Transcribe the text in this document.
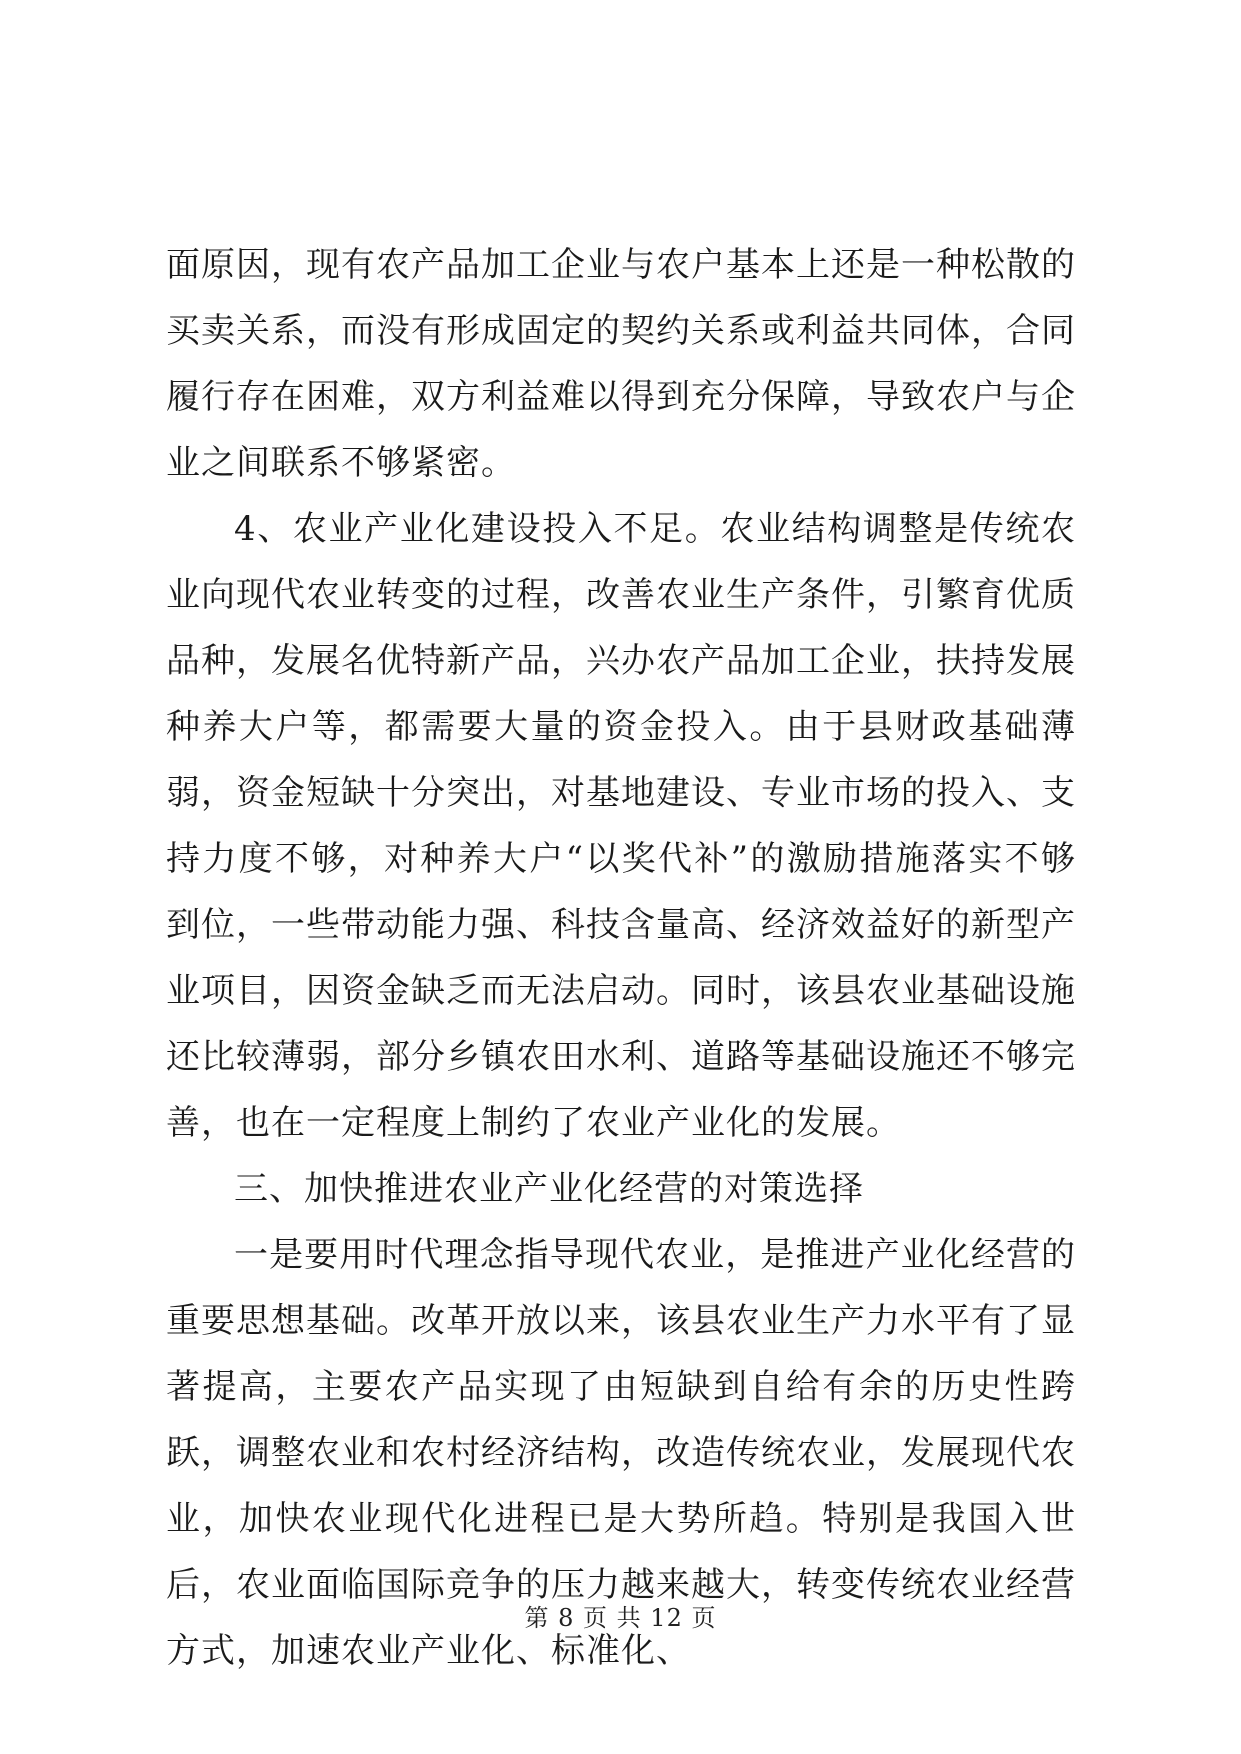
面原因，现有农产品加工企业与农户基本上还是一种松散的买卖关系，而没有形成固定的契约关系或利益共同体，合同履行存在困难，双方利益难以得到充分保障，导致农户与企业之间联系不够紧密。

4、农业产业化建设投入不足。农业结构调整是传统农业向现代农业转变的过程，改善农业生产条件，引繁育优质品种，发展名优特新产品，兴办农产品加工企业，扶持发展种养大户等，都需要大量的资金投入。由于县财政基础薄弱，资金短缺十分突出，对基地建设、专业市场的投入、支持力度不够，对种养大户“以奖代补”的激励措施落实不够到位，一些带动能力强、科技含量高、经济效益好的新型产业项目，因资金缺乏而无法启动。同时，该县农业基础设施还比较薄弱，部分乡镇农田水利、道路等基础设施还不够完善，也在一定程度上制约了农业产业化的发展。

三、加快推进农业产业化经营的对策选择

一是要用时代理念指导现代农业，是推进产业化经营的重要思想基础。改革开放以来，该县农业生产力水平有了显著提高，主要农产品实现了由短缺到自给有余的历史性跨跃，调整农业和农村经济结构，改造传统农业，发展现代农业，加快农业现代化进程已是大势所趋。特别是我国入世后，农业面临国际竞争的压力越来越大，转变传统农业经营方式，加速农业产业化、标准化、

第 8 页 共 12 页
